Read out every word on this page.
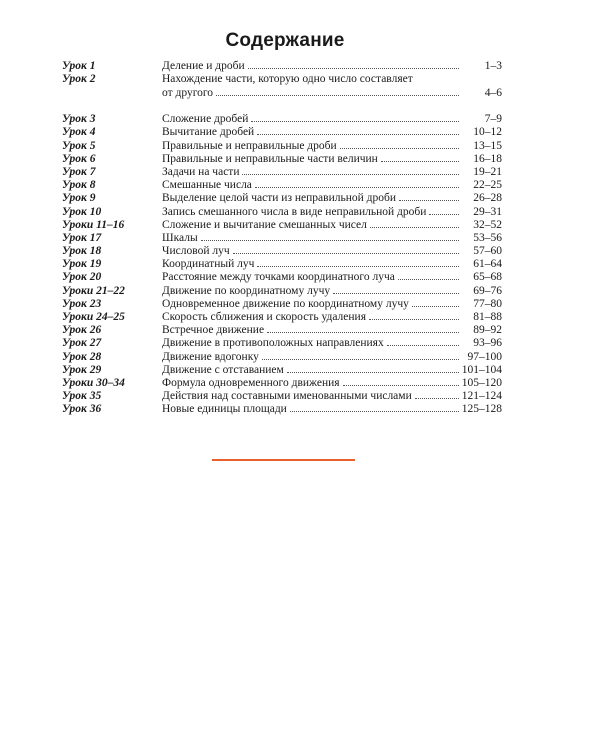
Содержание
Урок 1	Деление и дроби	1–3
Урок 2	Нахождение части, которую одно число составляет
от другого	4–6
Урок 3	Сложение дробей	7–9
Урок 4	Вычитание дробей	10–12
Урок 5	Правильные и неправильные дроби	13–15
Урок 6	Правильные и неправильные части величин	16–18
Урок 7	Задачи на части	19–21
Урок 8	Смешанные числа	22–25
Урок 9	Выделение целой части из неправильной дроби	26–28
Урок 10	Запись смешанного числа в виде неправильной дроби	29–31
Уроки 11–16	Сложение и вычитание смешанных чисел	32–52
Урок 17	Шкалы	53–56
Урок 18	Числовой луч	57–60
Урок 19	Координатный луч	61–64
Урок 20	Расстояние между точками координатного луча	65–68
Уроки 21–22	Движение по координатному лучу	69–76
Урок 23	Одновременное движение по координатному лучу	77–80
Уроки 24–25	Скорость сближения и скорость удаления	81–88
Урок 26	Встречное движение	89–92
Урок 27	Движение в противоположных направлениях	93–96
Урок 28	Движение вдогонку	97–100
Урок 29	Движение с отставанием	101–104
Уроки 30–34	Формула одновременного движения	105–120
Урок 35	Действия над составными именованными числами	121–124
Урок 36	Новые единицы площади	125–128
